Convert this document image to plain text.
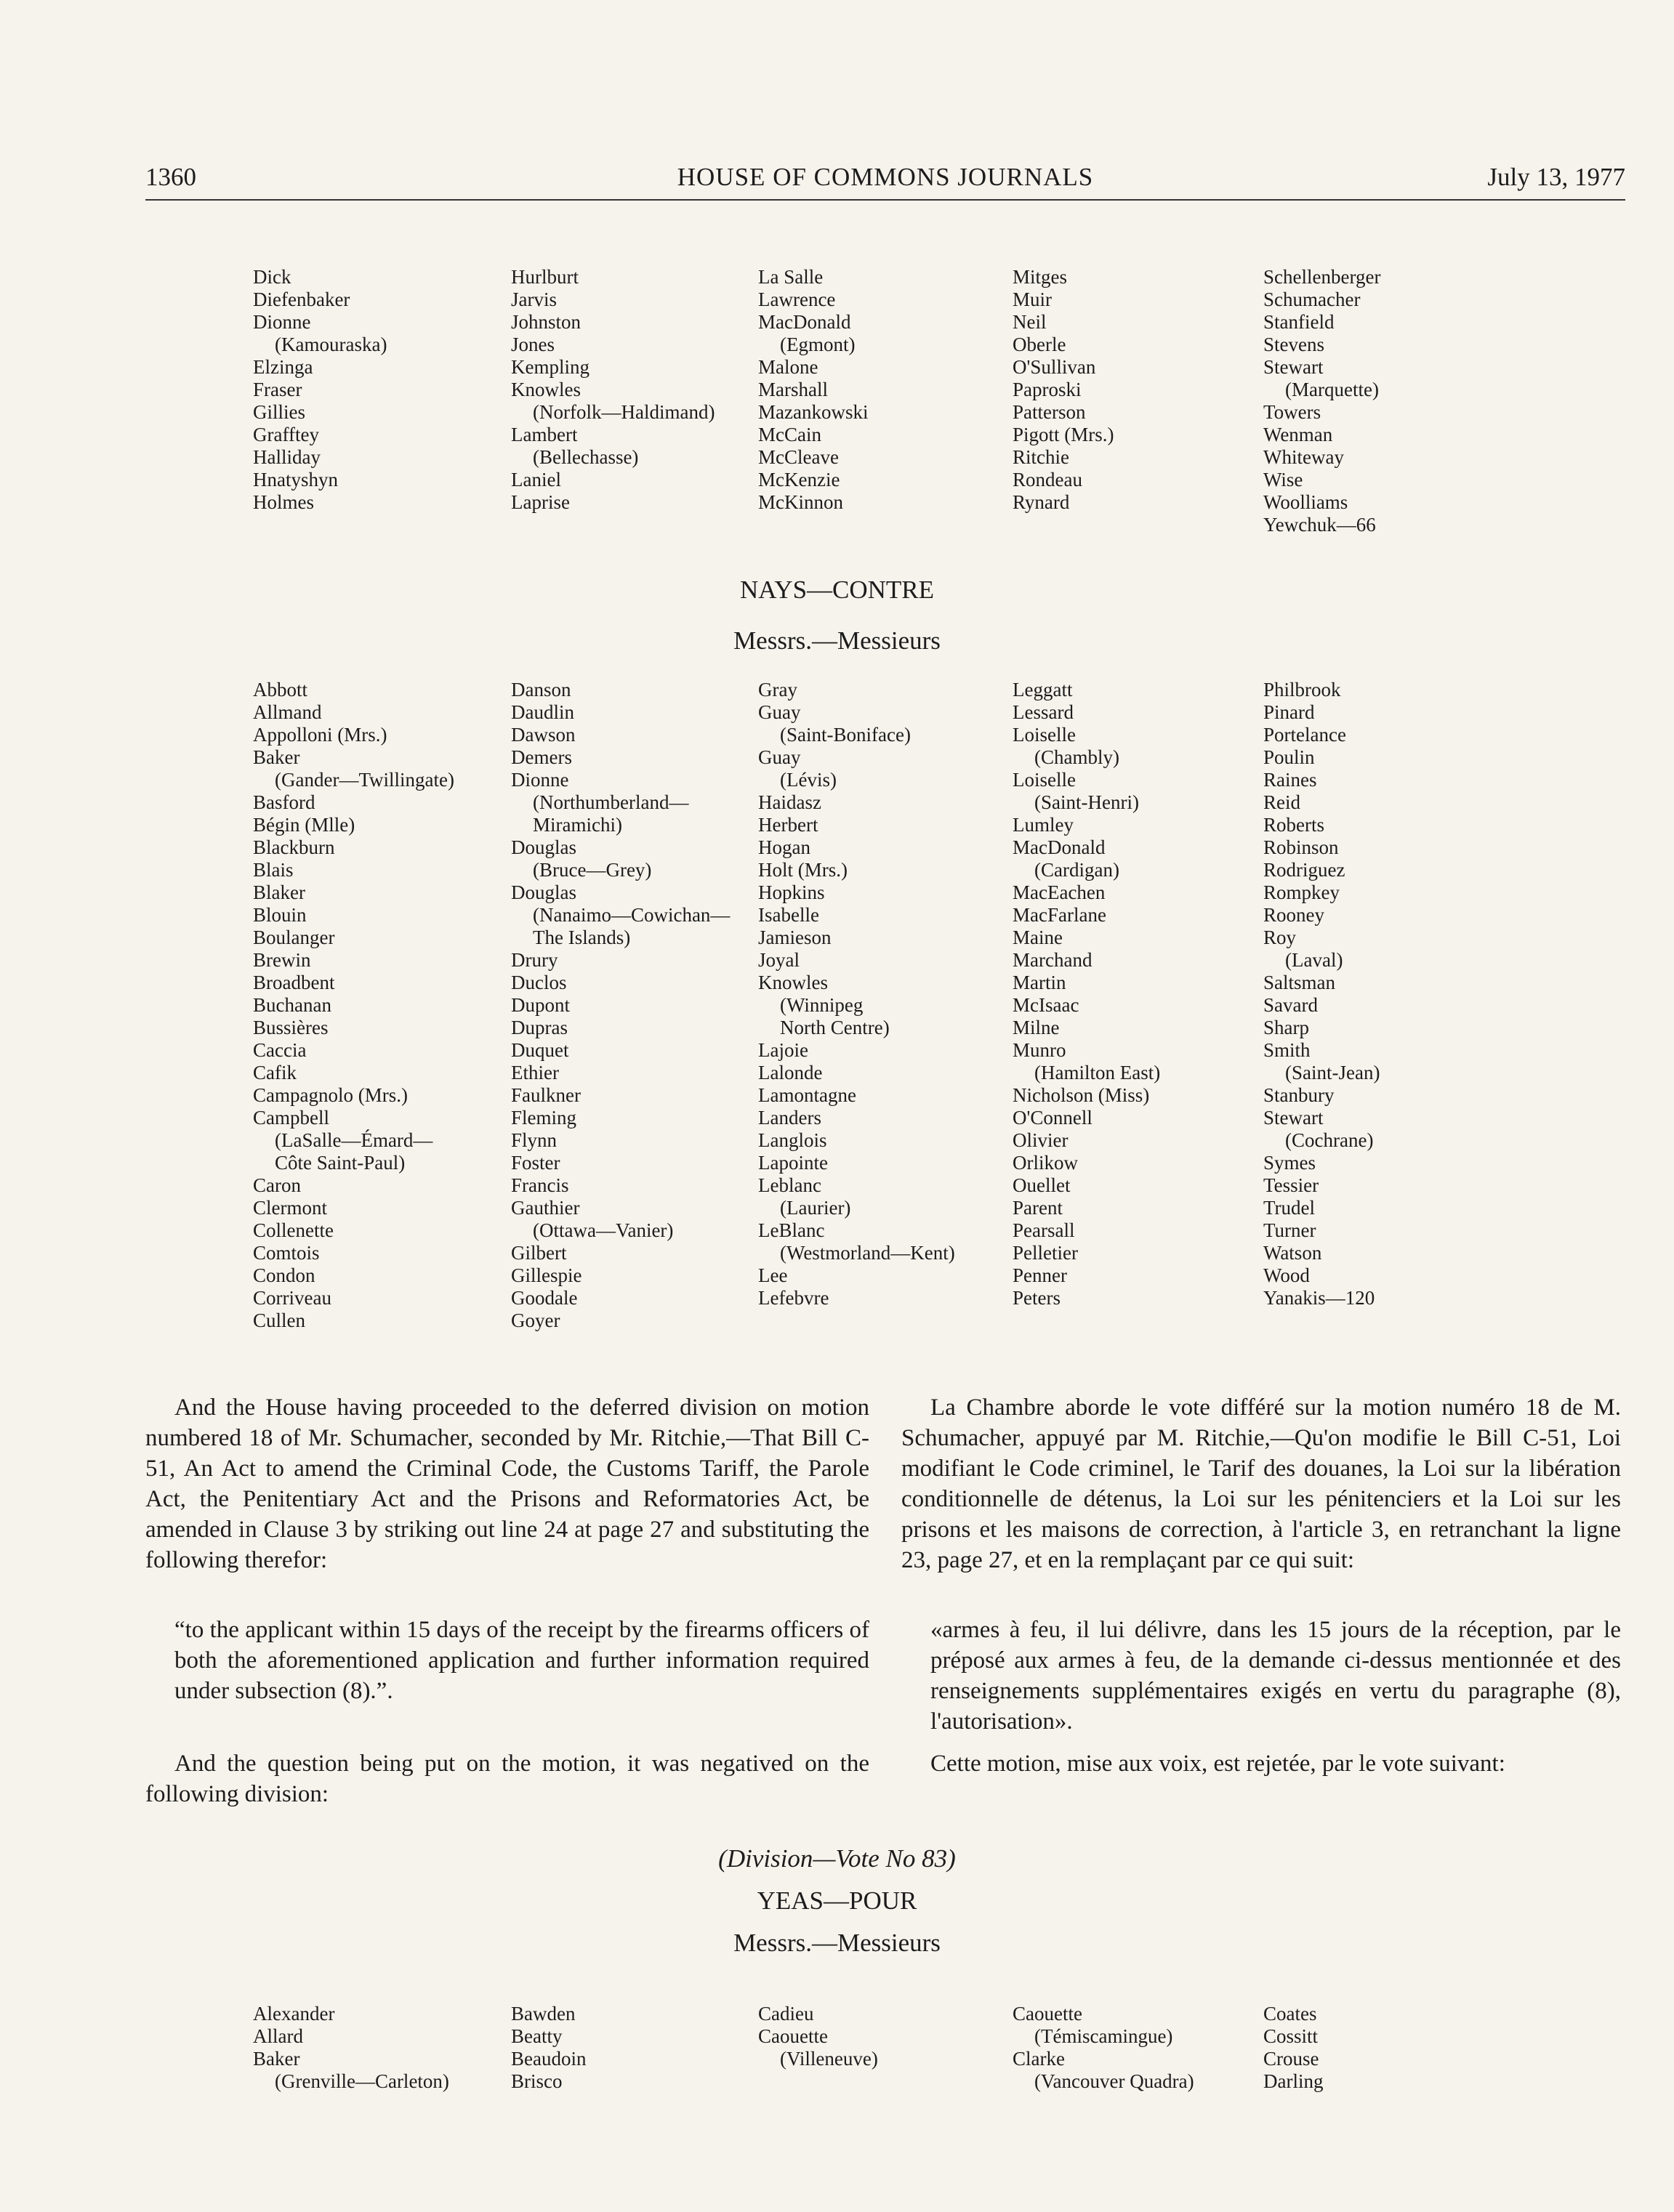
1360	HOUSE OF COMMONS JOURNALS	July 13, 1977
Dick
Diefenbaker
Dionne
(Kamouraska)
Elzinga
Fraser
Gillies
Grafftey
Halliday
Hnatyshyn
Holmes
Hurlburt
Jarvis
Johnston
Jones
Kempling
Knowles
(Norfolk—Haldimand)
Lambert
(Bellechasse)
Laniel
Laprise
La Salle
Lawrence
MacDonald
(Egmont)
Malone
Marshall
Mazankowski
McCain
McCleave
McKenzie
McKinnon
Mitges
Muir
Neil
Oberle
O'Sullivan
Paproski
Patterson
Pigott (Mrs.)
Ritchie
Rondeau
Rynard
Schellenberger
Schumacher
Stanfield
Stevens
Stewart
(Marquette)
Towers
Wenman
Whiteway
Wise
Woolliams
Yewchuk—66
NAYS—CONTRE
Messrs.—Messieurs
Abbott
Allmand
Appolloni (Mrs.)
Baker
(Gander—Twillingate)
Basford
Bégin (Mlle)
Blackburn
Blais
Blaker
Blouin
Boulanger
Brewin
Broadbent
Buchanan
Bussières
Caccia
Cafik
Campagnolo (Mrs.)
Campbell
(LaSalle—Émard—
Côte Saint-Paul)
Caron
Clermont
Collenette
Comtois
Condon
Corriveau
Cullen
Danson
Daudlin
Dawson
Demers
Dionne
(Northumberland—
Miramichi)
Douglas
(Bruce—Grey)
Douglas
(Nanaimo—Cowichan—
The Islands)
Drury
Duclos
Dupont
Dupras
Duquet
Ethier
Faulkner
Fleming
Flynn
Foster
Francis
Gauthier
(Ottawa—Vanier)
Gilbert
Gillespie
Goodale
Goyer
Gray
Guay
(Saint-Boniface)
Guay
(Lévis)
Haidasz
Herbert
Hogan
Holt (Mrs.)
Hopkins
Isabelle
Jamieson
Joyal
Knowles
(Winnipeg
North Centre)
Lajoie
Lalonde
Lamontagne
Landers
Langlois
Lapointe
Leblanc
(Laurier)
LeBlanc
(Westmorland—Kent)
Lee
Lefebvre
Leggatt
Lessard
Loiselle
(Chambly)
Loiselle
(Saint-Henri)
Lumley
MacDonald
(Cardigan)
MacEachen
MacFarlane
Maine
Marchand
Martin
McIsaac
Milne
Munro
(Hamilton East)
Nicholson (Miss)
O'Connell
Olivier
Orlikow
Ouellet
Parent
Pearsall
Pelletier
Penner
Peters
Philbrook
Pinard
Portelance
Poulin
Raines
Reid
Roberts
Robinson
Rodriguez
Rompkey
Rooney
Roy
(Laval)
Saltsman
Savard
Sharp
Smith
(Saint-Jean)
Stanbury
Stewart
(Cochrane)
Symes
Tessier
Trudel
Turner
Watson
Wood
Yanakis—120
And the House having proceeded to the deferred division on motion numbered 18 of Mr. Schumacher, seconded by Mr. Ritchie,—That Bill C-51, An Act to amend the Criminal Code, the Customs Tariff, the Parole Act, the Penitentiary Act and the Prisons and Reformatories Act, be amended in Clause 3 by striking out line 24 at page 27 and substituting the following therefor:
“to the applicant within 15 days of the receipt by the firearms officers of both the aforementioned application and further information required under subsection (8).”.
And the question being put on the motion, it was negatived on the following division:
La Chambre aborde le vote différé sur la motion numéro 18 de M. Schumacher, appuyé par M. Ritchie,—Qu'on modifie le Bill C-51, Loi modifiant le Code criminel, le Tarif des douanes, la Loi sur la libération conditionnelle de détenus, la Loi sur les pénitenciers et la Loi sur les prisons et les maisons de correction, à l'article 3, en retranchant la ligne 23, page 27, et en la remplaçant par ce qui suit:
«armes à feu, il lui délivre, dans les 15 jours de la réception, par le préposé aux armes à feu, de la demande ci-dessus mentionnée et des renseignements supplémentaires exigés en vertu du paragraphe (8), l'autorisation».
Cette motion, mise aux voix, est rejetée, par le vote suivant:
(Division—Vote No 83)
YEAS—POUR
Messrs.—Messieurs
Alexander
Allard
Baker
(Grenville—Carleton)
Bawden
Beatty
Beaudoin
Brisco
Cadieu
Caouette
(Villeneuve)
Caouette
(Témiscamingue)
Clarke
(Vancouver Quadra)
Coates
Cossitt
Crouse
Darling
